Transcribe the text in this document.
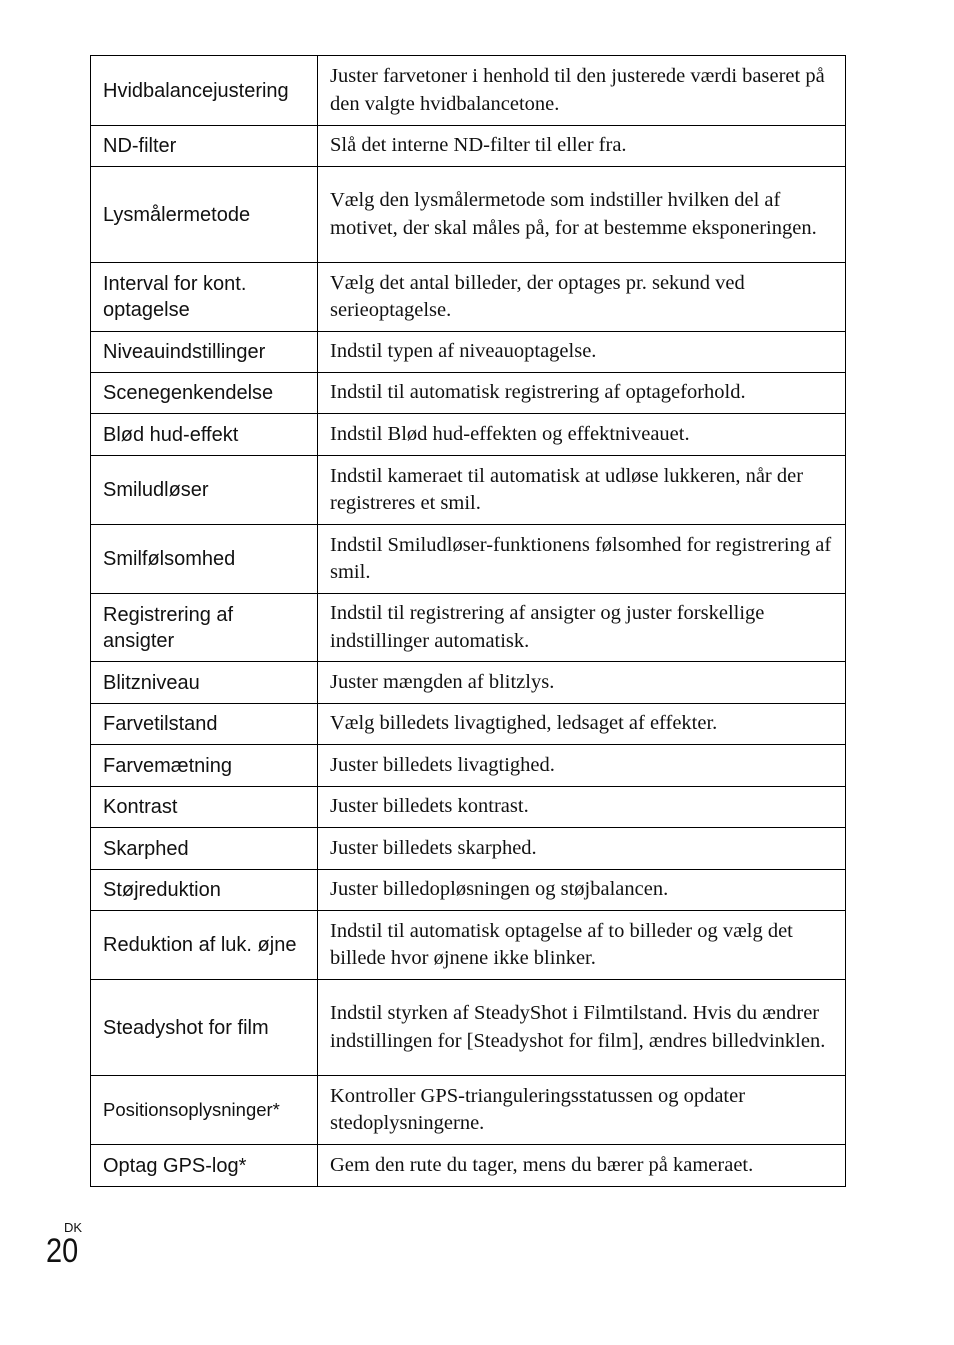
Hvidbalancejustering	Juster farvetoner i henhold til den justerede værdi baseret på den valgte hvidbalancetone.
ND-filter	Slå det interne ND-filter til eller fra.
Lysmålermetode	Vælg den lysmålermetode som indstiller hvilken del af motivet, der skal måles på, for at bestemme eksponeringen.
Interval for kont. optagelse	Vælg det antal billeder, der optages pr. sekund ved serieoptagelse.
Niveauindstillinger	Indstil typen af niveauoptagelse.
Scenegenkendelse	Indstil til automatisk registrering af optageforhold.
Blød hud-effekt	Indstil Blød hud-effekten og effektniveauet.
Smiludløser	Indstil kameraet til automatisk at udløse lukkeren, når der registreres et smil.
Smilfølsomhed	Indstil Smiludløser-funktionens følsomhed for registrering af smil.
Registrering af ansigter	Indstil til registrering af ansigter og juster forskellige indstillinger automatisk.
Blitzniveau	Juster mængden af blitzlys.
Farvetilstand	Vælg billedets livagtighed, ledsaget af effekter.
Farvemætning	Juster billedets livagtighed.
Kontrast	Juster billedets kontrast.
Skarphed	Juster billedets skarphed.
Støjreduktion	Juster billedopløsningen og støjbalancen.
Reduktion af luk. øjne	Indstil til automatisk optagelse af to billeder og vælg det billede hvor øjnene ikke blinker.
Steadyshot for film	Indstil styrken af SteadyShot i Filmtilstand. Hvis du ændrer indstillingen for [Steadyshot for film], ændres billedvinklen.
Positionsoplysninger*	Kontroller GPS-trianguleringsstatussen og opdater stedoplysningerne.
Optag GPS-log*	Gem den rute du tager, mens du bærer på kameraet.
DK
20
